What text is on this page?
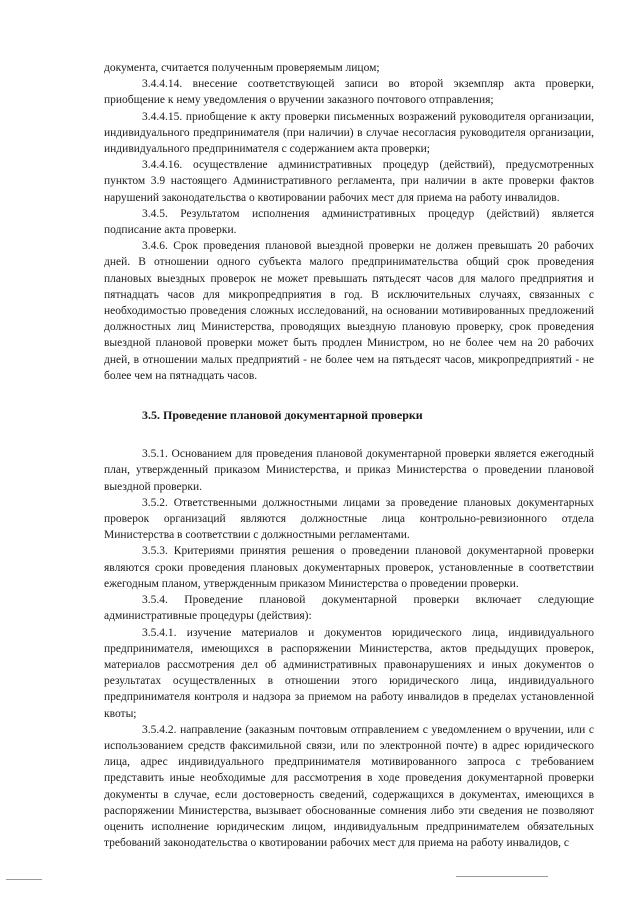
документа, считается полученным проверяемым лицом;

3.4.4.14. внесение соответствующей записи во второй экземпляр акта проверки, приобщение к нему уведомления о вручении заказного почтового отправления;

3.4.4.15. приобщение к акту проверки письменных возражений руководителя организации, индивидуального предпринимателя (при наличии) в случае несогласия руководителя организации, индивидуального предпринимателя с содержанием акта проверки;

3.4.4.16. осуществление административных процедур (действий), предусмотренных пунктом 3.9 настоящего Административного регламента, при наличии в акте проверки фактов нарушений законодательства о квотировании рабочих мест для приема на работу инвалидов.

3.4.5. Результатом исполнения административных процедур (действий) является подписание акта проверки.

3.4.6. Срок проведения плановой выездной проверки не должен превышать 20 рабочих дней. В отношении одного субъекта малого предпринимательства общий срок проведения плановых выездных проверок не может превышать пятьдесят часов для малого предприятия и пятнадцать часов для микропредприятия в год. В исключительных случаях, связанных с необходимостью проведения сложных исследований, на основании мотивированных предложений должностных лиц Министерства, проводящих выездную плановую проверку, срок проведения выездной плановой проверки может быть продлен Министром, но не более чем на 20 рабочих дней, в отношении малых предприятий - не более чем на пятьдесят часов, микропредприятий - не более чем на пятнадцать часов.

3.5. Проведение плановой документарной проверки

3.5.1. Основанием для проведения плановой документарной проверки является ежегодный план, утвержденный приказом Министерства, и приказ Министерства о проведении плановой выездной проверки.

3.5.2. Ответственными должностными лицами за проведение плановых документарных проверок организаций являются должностные лица контрольно-ревизионного отдела Министерства в соответствии с должностными регламентами.

3.5.3. Критериями принятия решения о проведении плановой документарной проверки являются сроки проведения плановых документарных проверок, установленные в соответствии ежегодным планом, утвержденным приказом Министерства о проведении проверки.

3.5.4. Проведение плановой документарной проверки включает следующие административные процедуры (действия):

3.5.4.1. изучение материалов и документов юридического лица, индивидуального предпринимателя, имеющихся в распоряжении Министерства, актов предыдущих проверок, материалов рассмотрения дел об административных правонарушениях и иных документов о результатах осуществленных в отношении этого юридического лица, индивидуального предпринимателя контроля и надзора за приемом на работу инвалидов в пределах установленной квоты;

3.5.4.2. направление (заказным почтовым отправлением с уведомлением о вручении, или с использованием средств факсимильной связи, или по электронной почте) в адрес юридического лица, адрес индивидуального предпринимателя мотивированного запроса с требованием представить иные необходимые для рассмотрения в ходе проведения документарной проверки документы в случае, если достоверность сведений, содержащихся в документах, имеющихся в распоряжении Министерства, вызывает обоснованные сомнения либо эти сведения не позволяют оценить исполнение юридическим лицом, индивидуальным предпринимателем обязательных требований законодательства о квотировании рабочих мест для приема на работу инвалидов, с
